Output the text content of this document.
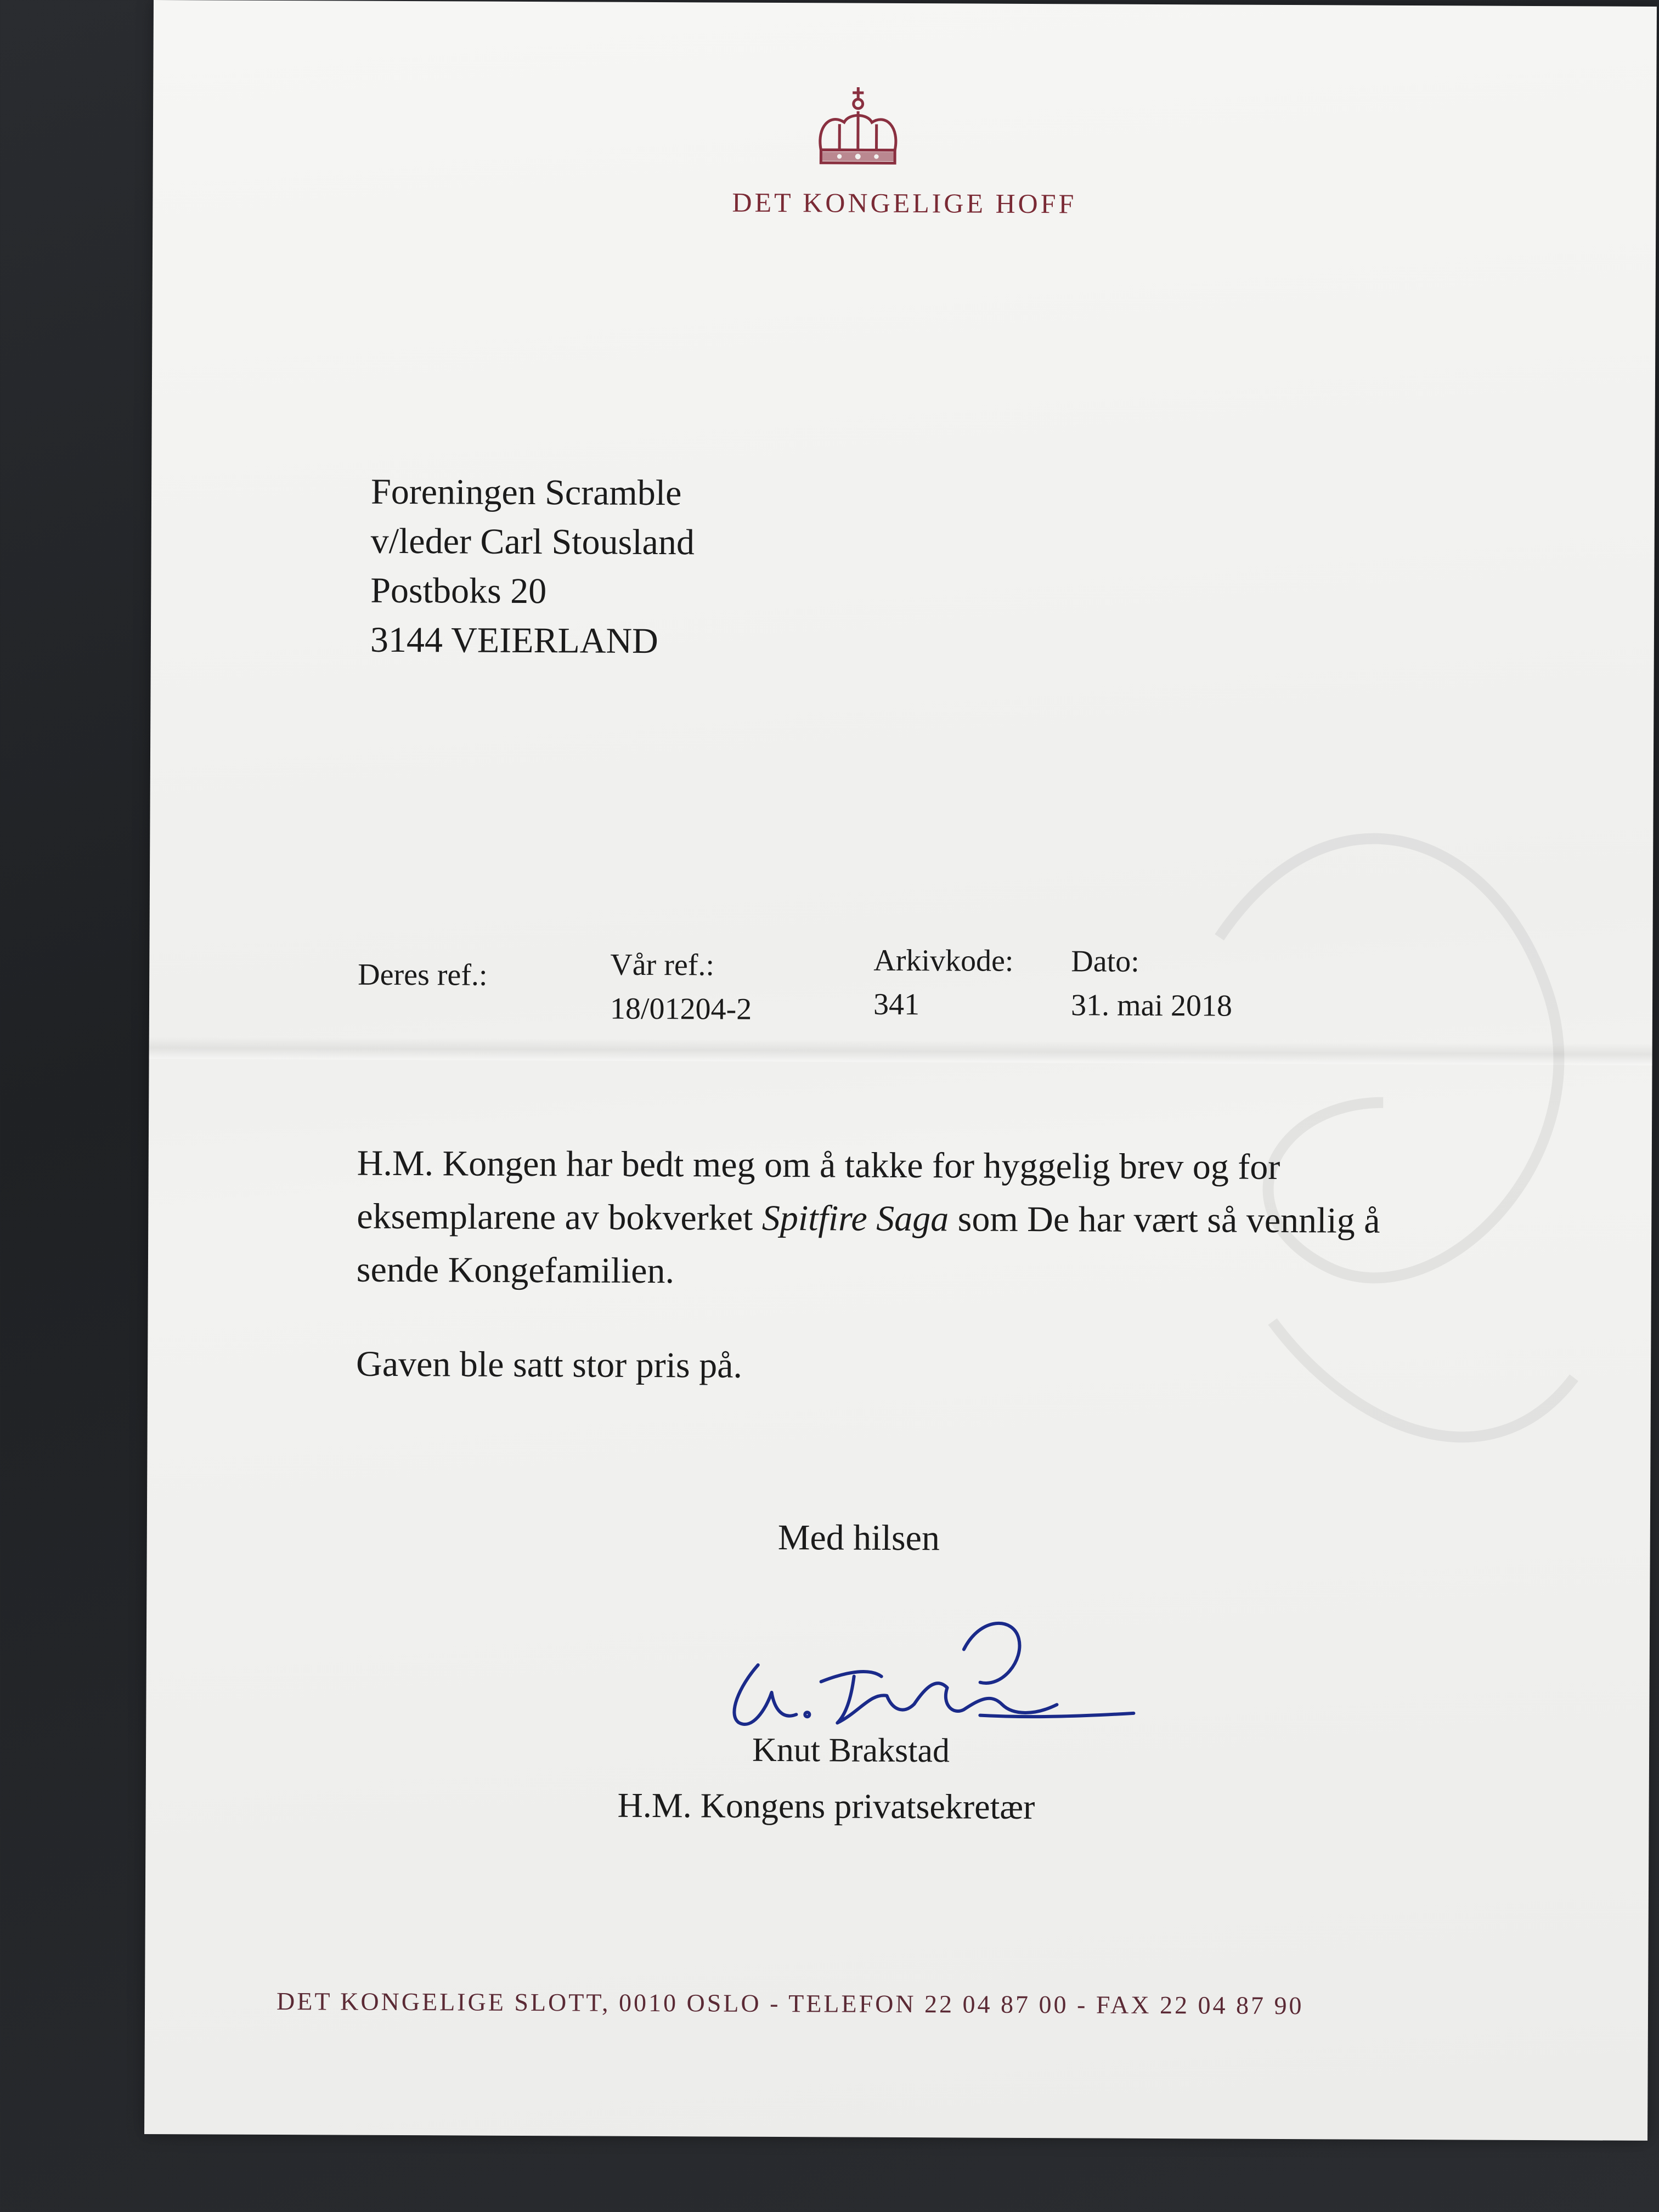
DET KONGELIGE HOFF
Foreningen Scramble
v/leder Carl Stousland
Postboks 20
3144 VEIERLAND
Deres ref.:	Vår ref.:
18/01204-2
Arkivkode:
341
Dato:
31. mai 2018

H.M. Kongen har bedt meg om å takke for hyggelig brev og for eksemplarene av bokverket Spitfire Saga som De har vært så vennlig å sende Kongefamilien.

Gaven ble satt stor pris på.

Med hilsen
Knut Brakstad
H.M. Kongens privatsekretær
DET KONGELIGE SLOTT, 0010 OSLO - TELEFON 22 04 87 00 - FAX 22 04 87 90
